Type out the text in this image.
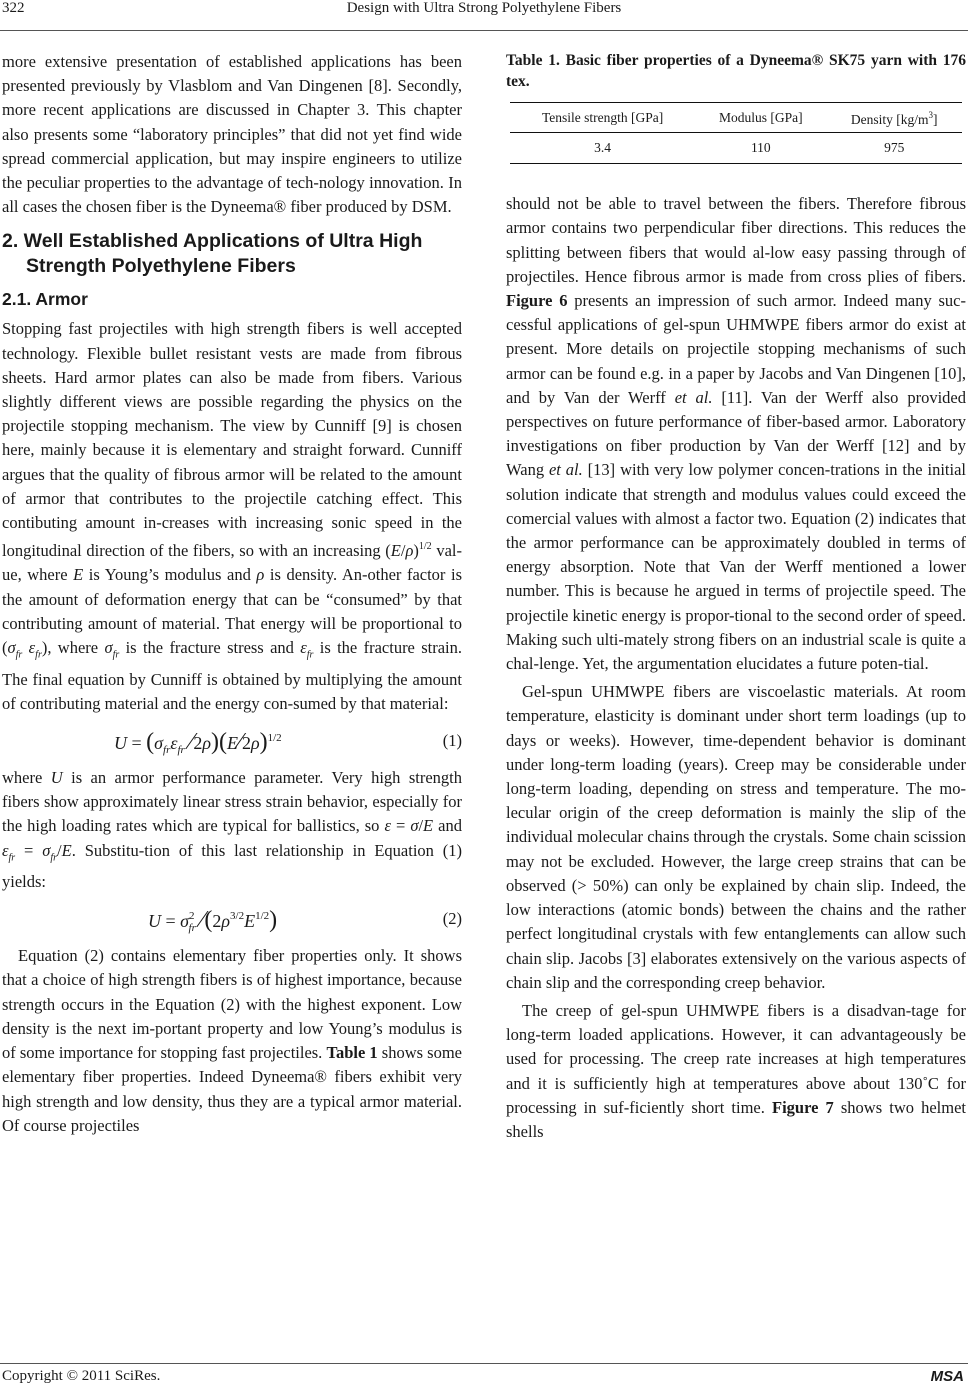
322	Design with Ultra Strong Polyethylene Fibers

more extensive presentation of established applications has been presented previously by Vlasblom and Van Dingenen [8]. Secondly, more recent applications are discussed in Chapter 3. This chapter also presents some “laboratory principles” that did not yet find wide spread commercial application, but may inspire engineers to utilize the peculiar properties to the advantage of tech-nology innovation. In all cases the chosen fiber is the Dyneema® fiber produced by DSM.

2. Well Established Applications of Ultra High Strength Polyethylene Fibers
2.1. Armor

Stopping fast projectiles with high strength fibers is well accepted technology. Flexible bullet resistant vests are made from fibrous sheets. Hard armor plates can also be made from fibers. Various slightly different views are possible regarding the physics on the projectile stopping mechanism. The view by Cunniff [9] is chosen here, mainly because it is elementary and straight forward. Cunniff argues that the quality of fibrous armor will be related to the amount of armor that contributes to the projectile catching effect. This contibuting amount in-creases with increasing sonic speed in the longitudinal direction of the fibers, so with an increasing $(E/\rho)^{1/2}$ val-ue, where E is Young’s modulus and ρ is density. An-other factor is the amount of deformation energy that can be “consumed” by that contributing amount of material. That energy will be proportional to ($\sigma_{fr}$ $\varepsilon_{fr}$), where $\sigma_{fr}$ is the fracture stress and $\varepsilon_{fr}$ is the fracture strain. The final equation by Cunniff is obtained by multiplying the amount of contributing material and the energy con-sumed by that material:

$U = (\sigma_{fr}\varepsilon_{fr}$ ⁄2ρ)(E⁄2ρ)$^{1/2}$	(1)

where U is an armor performance parameter. Very high strength fibers show approximately linear stress strain behavior, especially for the high loading rates which are typical for ballistics, so ε = σ/E and $\varepsilon_{fr} = \sigma_{fr}/E$. Substitu-tion of this last relationship in Equation (1) yields:

$U = \sigma^2_{fr}$ $⁄(2\rho^{3/2}E^{1/2})$	(2)

Equation (2) contains elementary fiber properties only. It shows that a choice of high strength fibers is of highest importance, because strength occurs in the Equation (2) with the highest exponent. Low density is the next im-portant property and low Young’s modulus is of some importance for stopping fast projectiles. Table 1 shows some elementary fiber properties. Indeed Dyneema® fibers exhibit very high strength and low density, thus they are a typical armor material. Of course projectiles

Table 1. Basic fiber properties of a Dyneema® SK75 yarn with 176 tex.
Tensile strength [GPa]	Modulus [GPa]	Density $[kg/m^3]$
3.4	110	975

should not be able to travel between the fibers. Therefore fibrous armor contains two perpendicular fiber directions. This reduces the splitting between fibers that would al-low easy passing through of projectiles. Hence fibrous armor is made from cross plies of fibers. Figure 6 presents an impression of such armor. Indeed many suc-cessful applications of gel-spun UHMWPE fibers armor do exist at present. More details on projectile stopping mechanisms of such armor can be found e.g. in a paper by Jacobs and Van Dingenen [10], and by Van der Werff et al. [11]. Van der Werff also provided perspectives on future performance of fiber-based armor. Laboratory investigations on fiber production by Van der Werff [12] and by Wang et al. [13] with very low polymer concen-trations in the initial solution indicate that strength and modulus values could exceed the comercial values with almost a factor two. Equation (2) indicates that the armor performance can be approximately doubled in terms of energy absorption. Note that Van der Werff mentioned a lower number. This is because he argued in terms of projectile speed. The projectile kinetic energy is propor-tional to the second order of speed. Making such ulti-mately strong fibers on an industrial scale is quite a chal-lenge. Yet, the argumentation elucidates a future poten-tial.

Gel-spun UHMWPE fibers are viscoelastic materials. At room temperature, elasticity is dominant under short term loadings (up to days or weeks). However, time-dependent behavior is dominant under long-term loading (years). Creep may be considerable under long-term loading, depending on stress and temperature. The mo-lecular origin of the creep deformation is mainly the slip of the individual molecular chains through the crystals. Some chain scission may not be excluded. However, the large creep strains that can be observed (> 50%) can only be explained by chain slip. Indeed, the low interactions (atomic bonds) between the chains and the rather perfect longitudinal crystals with few entanglements can allow such chain slip. Jacobs [3] elaborates extensively on the various aspects of chain slip and the corresponding creep behavior.

The creep of gel-spun UHMWPE fibers is a disadvan-tage for long-term loaded applications. However, it can advantageously be used for processing. The creep rate increases at high temperatures and it is sufficiently high at temperatures above about 130˚C for processing in suf-ficiently short time. Figure 7 shows two helmet shells

Copyright © 2011 SciRes.	MSA
